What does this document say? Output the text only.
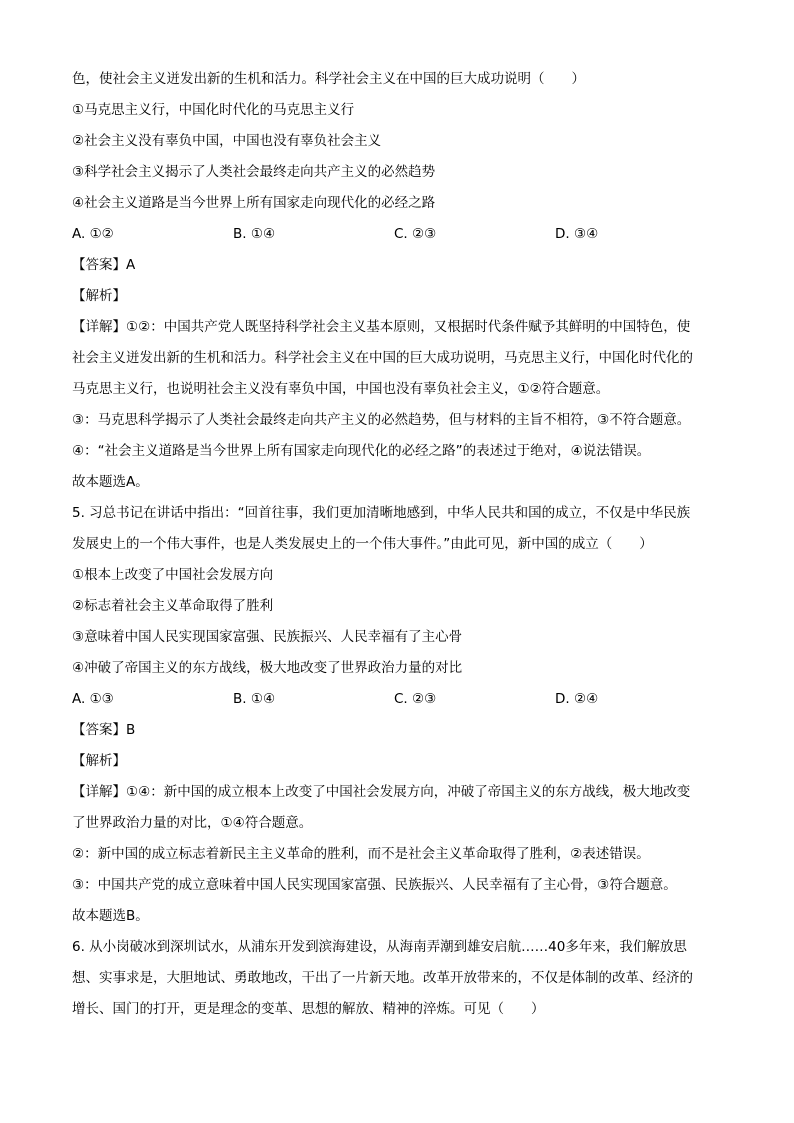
色，使社会主义迸发出新的生机和活力。科学社会主义在中国的巨大成功说明（　　）
①马克思主义行，中国化时代化的马克思主义行
②社会主义没有辜负中国，中国也没有辜负社会主义
③科学社会主义揭示了人类社会最终走向共产主义的必然趋势
④社会主义道路是当今世界上所有国家走向现代化的必经之路
A. ①②	B. ①④	C. ②③	D. ③④
【答案】A
【解析】
【详解】①②：中国共产党人既坚持科学社会主义基本原则，又根据时代条件赋予其鲜明的中国特色，使
社会主义迸发出新的生机和活力。科学社会主义在中国的巨大成功说明，马克思主义行，中国化时代化的
马克思主义行，也说明社会主义没有辜负中国，中国也没有辜负社会主义，①②符合题意。
③：马克思科学揭示了人类社会最终走向共产主义的必然趋势，但与材料的主旨不相符，③不符合题意。
④：“社会主义道路是当今世界上所有国家走向现代化的必经之路”的表述过于绝对，④说法错误。
故本题选A。
5. 习总书记在讲话中指出：“回首往事，我们更加清晰地感到，中华人民共和国的成立，不仅是中华民族
发展史上的一个伟大事件，也是人类发展史上的一个伟大事件。”由此可见，新中国的成立（　　）
①根本上改变了中国社会发展方向
②标志着社会主义革命取得了胜利
③意味着中国人民实现国家富强、民族振兴、人民幸福有了主心骨
④冲破了帝国主义的东方战线，极大地改变了世界政治力量的对比
A. ①③	B. ①④	C. ②③	D. ②④
【答案】B
【解析】
【详解】①④：新中国的成立根本上改变了中国社会发展方向，冲破了帝国主义的东方战线，极大地改变
了世界政治力量的对比，①④符合题意。
②：新中国的成立标志着新民主主义革命的胜利，而不是社会主义革命取得了胜利，②表述错误。
③：中国共产党的成立意味着中国人民实现国家富强、民族振兴、人民幸福有了主心骨，③符合题意。
故本题选B。
6. 从小岗破冰到深圳试水，从浦东开发到滨海建设，从海南弄潮到雄安启航……40多年来，我们解放思
想、实事求是，大胆地试、勇敢地改，干出了一片新天地。改革开放带来的，不仅是体制的改革、经济的
增长、国门的打开，更是理念的变革、思想的解放、精神的淬炼。可见（　　）
